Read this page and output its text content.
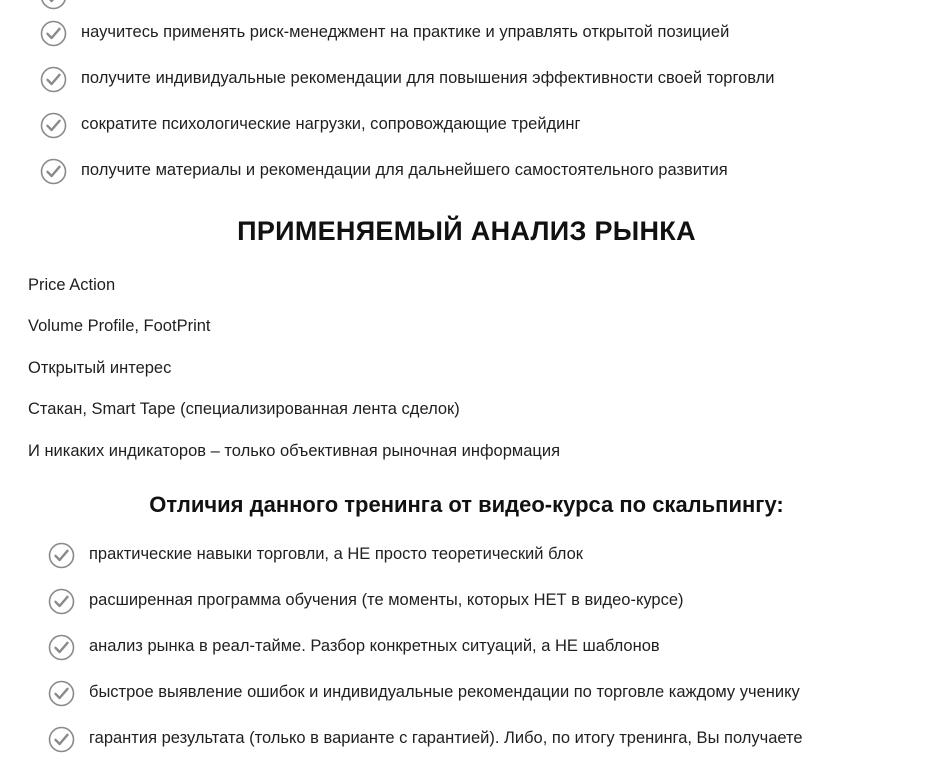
научитесь применять риск-менеджмент на практике и управлять открытой позицией
получите индивидуальные рекомендации для повышения эффективности своей торговли
сократите психологические нагрузки, сопровождающие трейдинг
получите материалы и рекомендации для дальнейшего самостоятельного развития
ПРИМЕНЯЕМЫЙ АНАЛИЗ РЫНКА
Price Action
Volume Profile, FootPrint
Открытый интерес
Стакан, Smart Tape (специализированная лента сделок)
И никаких индикаторов – только объективная рыночная информация
Отличия данного тренинга от видео-курса по скальпингу:
практические навыки торговли, а НЕ просто теоретический блок
расширенная программа обучения (те моменты, которых НЕТ в видео-курсе)
анализ рынка в реал-тайме. Разбор конкретных ситуаций, а НЕ шаблонов
быстрое выявление ошибок и индивидуальные рекомендации по торговле каждому ученику
гарантия результата (только в варианте с гарантией). Либо, по итогу тренинга, Вы получаете
